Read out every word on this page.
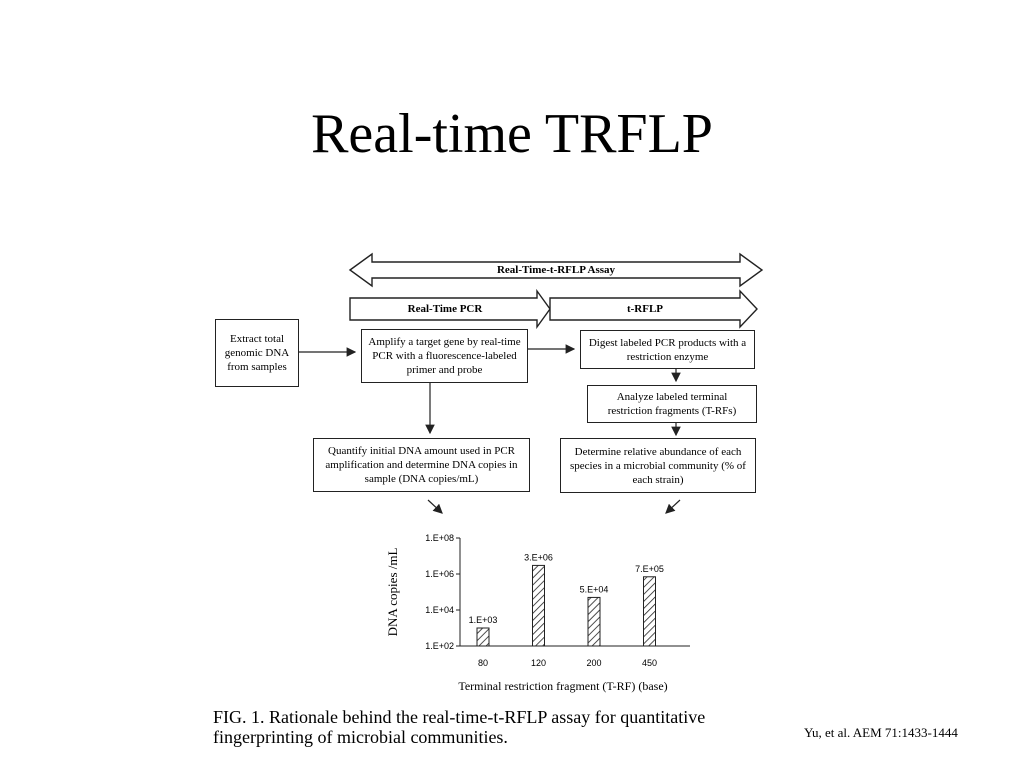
Real-time TRFLP
Real-Time-t-RFLP Assay
Real-Time PCR	t-RFLP
Extract total genomic DNA from samples
Amplify a target gene by real-time PCR with a fluorescence-labeled primer and probe
Digest labeled PCR products with a restriction enzyme
Analyze labeled terminal restriction fragments (T-RFs)
Quantify initial DNA amount used in PCR amplification and determine DNA copies in sample (DNA copies/mL)
Determine relative abundance of each species in a microbial community (% of each strain)
DNA copies /mL
Terminal restriction fragment (T-RF) (base)
1.E+02
1.E+04
1.E+06
1.E+08
1.E+03
80
3.E+06
120
5.E+04
200
7.E+05
450
FIG. 1. Rationale behind the real-time-t-RFLP assay for quantitative fingerprinting of microbial communities.	Yu, et al. AEM 71:1433-1444
